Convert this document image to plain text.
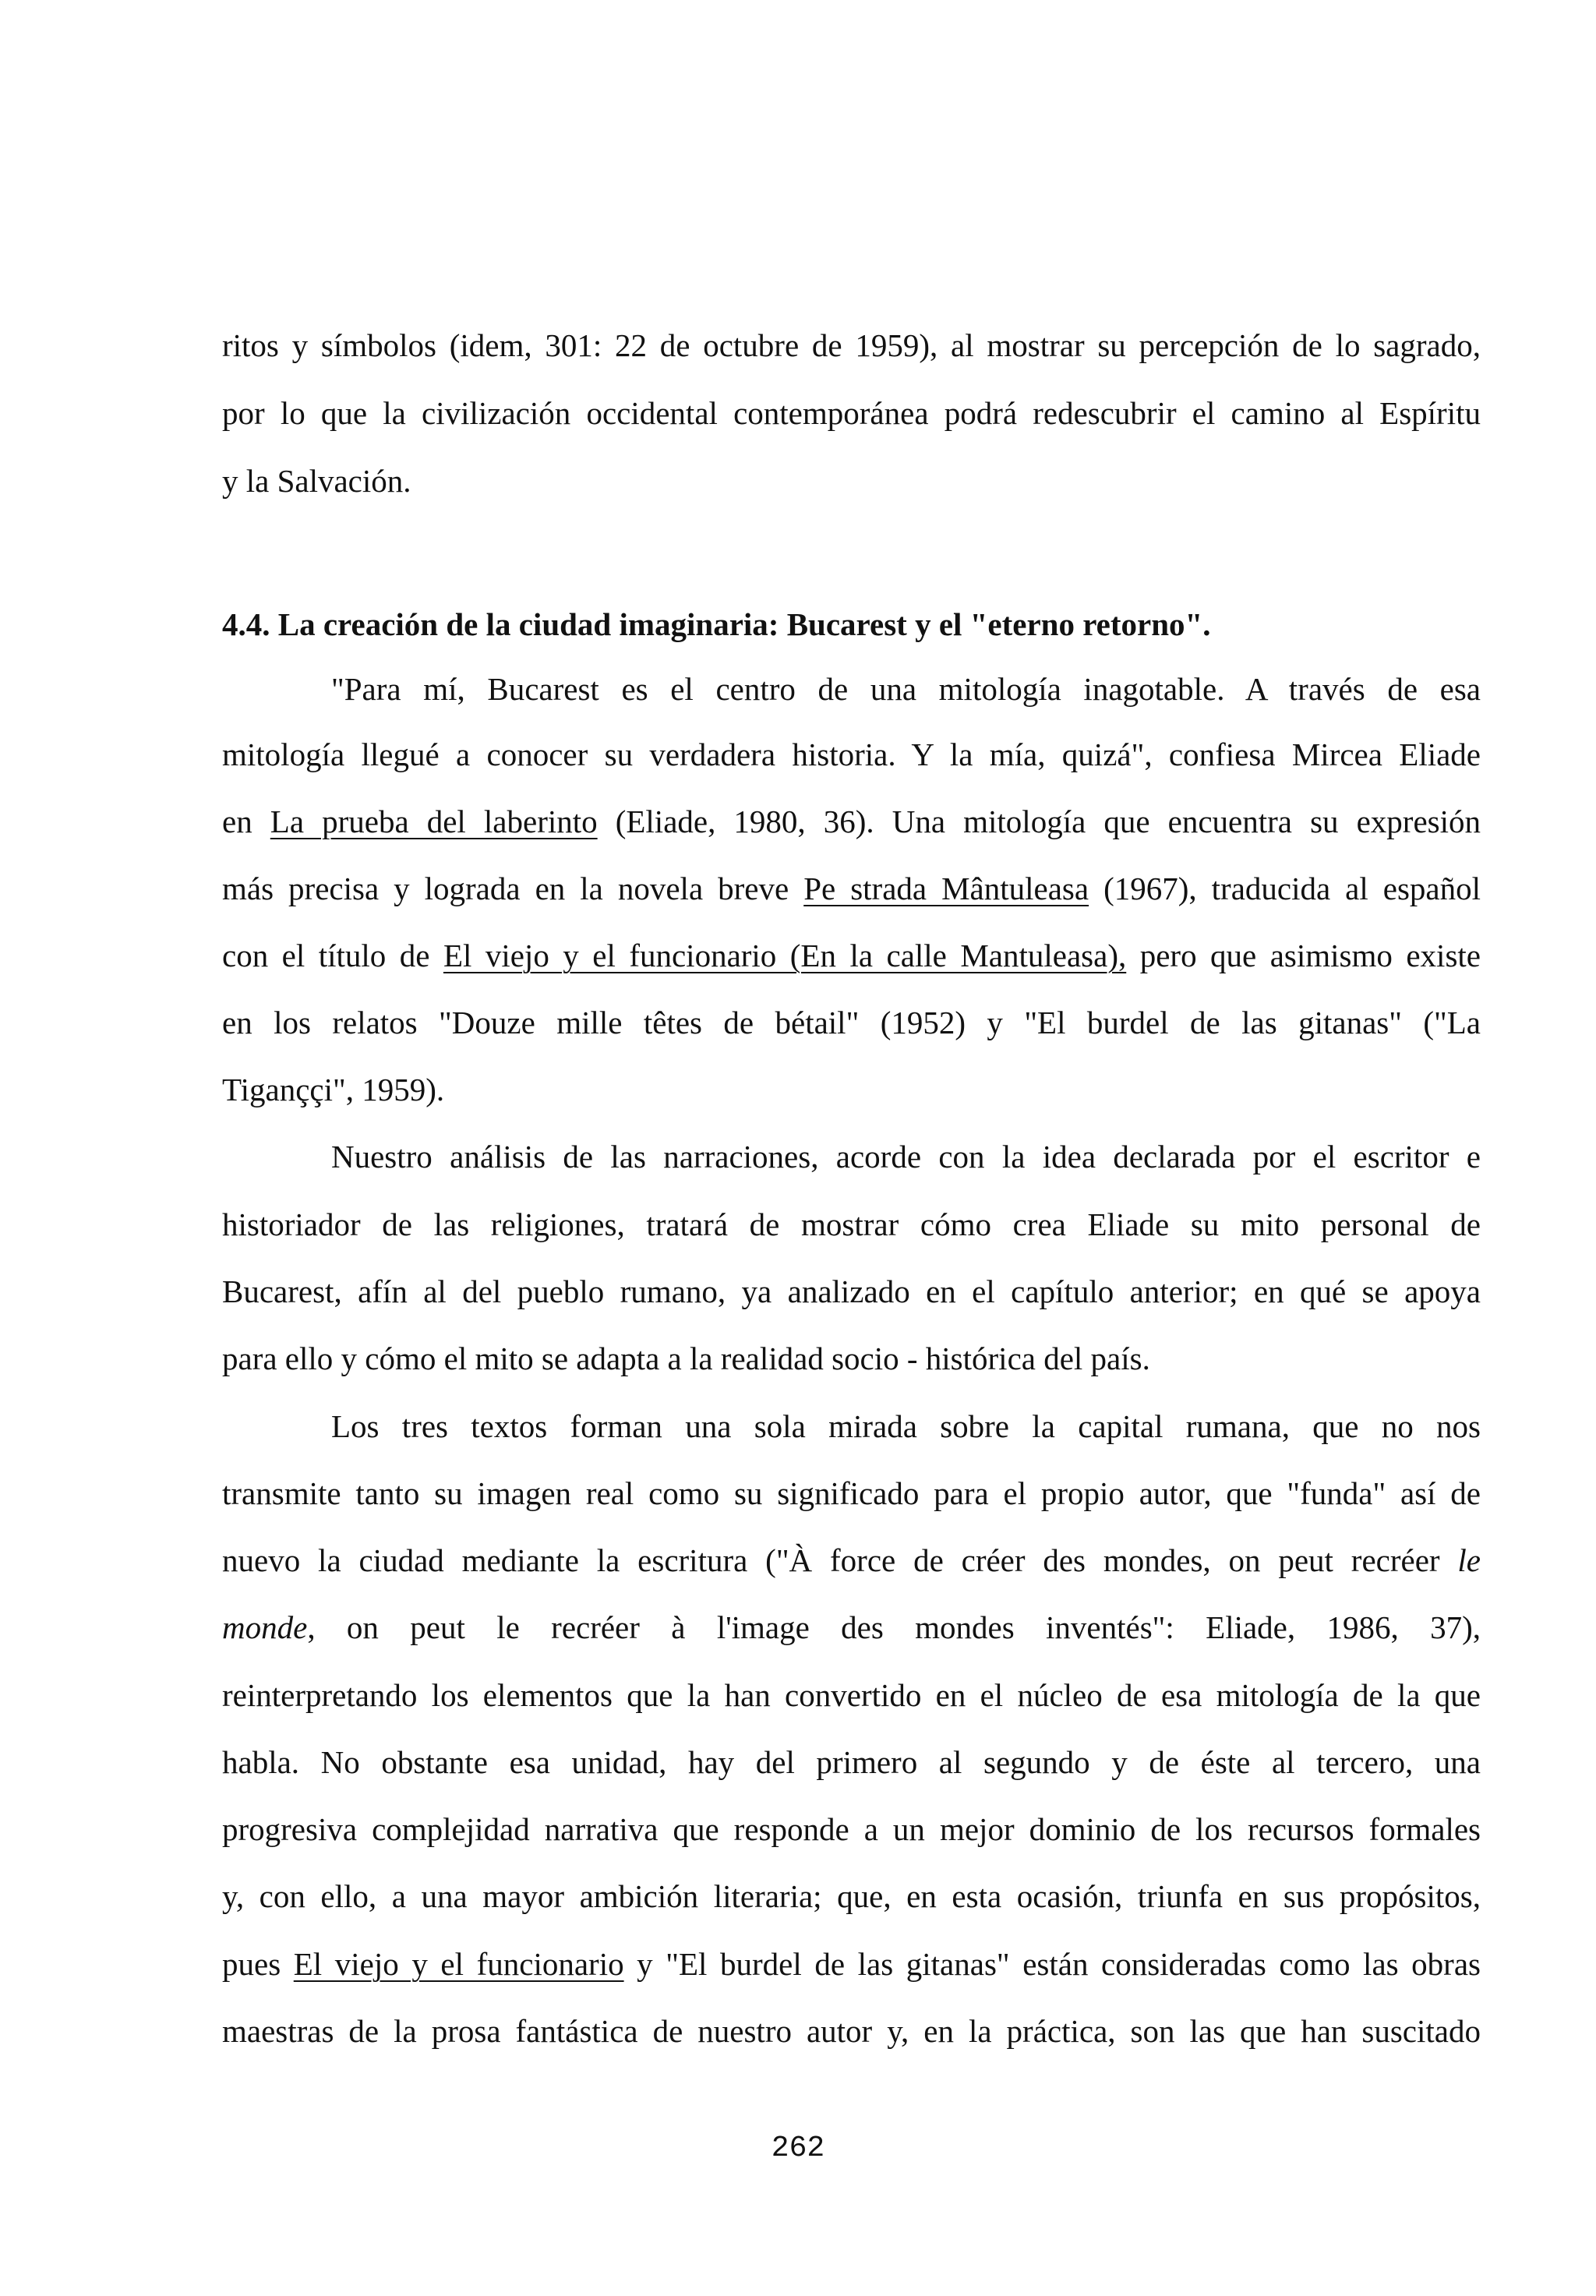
ritos y símbolos (idem, 301: 22 de octubre de 1959), al mostrar su percepción de lo sagrado,
por lo que la civilización occidental contemporánea podrá redescubrir el camino al Espíritu
y la Salvación.
4.4. La creación de la ciudad imaginaria: Bucarest y el "eterno retorno".
"Para mí, Bucarest es el centro de una mitología inagotable. A través de esa
mitología llegué a conocer su verdadera historia. Y la mía, quizá", confiesa Mircea Eliade
en La prueba del laberinto (Eliade, 1980, 36). Una mitología que encuentra su expresión
más precisa y lograda en la novela breve Pe strada Mântuleasa (1967), traducida al español
con el título de El viejo y el funcionario (En la calle Mantuleasa), pero que asimismo existe
en los relatos "Douze mille têtes de bétail" (1952) y "El burdel de las gitanas" ("La
Tiganççi", 1959).
Nuestro análisis de las narraciones, acorde con la idea declarada por el escritor e
historiador de las religiones, tratará de mostrar cómo crea Eliade su mito personal de
Bucarest, afín al del pueblo rumano, ya analizado en el capítulo anterior; en qué se apoya
para ello y cómo el mito se adapta a la realidad socio - histórica del país.
Los tres textos forman una sola mirada sobre la capital rumana, que no nos
transmite tanto su imagen real como su significado para el propio autor, que "funda" así de
nuevo la ciudad mediante la escritura ("À force de créer des mondes, on peut recréer le
monde, on peut le recréer à l'image des mondes inventés": Eliade, 1986, 37),
reinterpretando los elementos que la han convertido en el núcleo de esa mitología de la que
habla. No obstante esa unidad, hay del primero al segundo y de éste al tercero, una
progresiva complejidad narrativa que responde a un mejor dominio de los recursos formales
y, con ello, a una mayor ambición literaria; que, en esta ocasión, triunfa en sus propósitos,
pues El viejo y el funcionario y "El burdel de las gitanas" están consideradas como las obras
maestras de la prosa fantástica de nuestro autor y, en la práctica, son las que han suscitado
262
